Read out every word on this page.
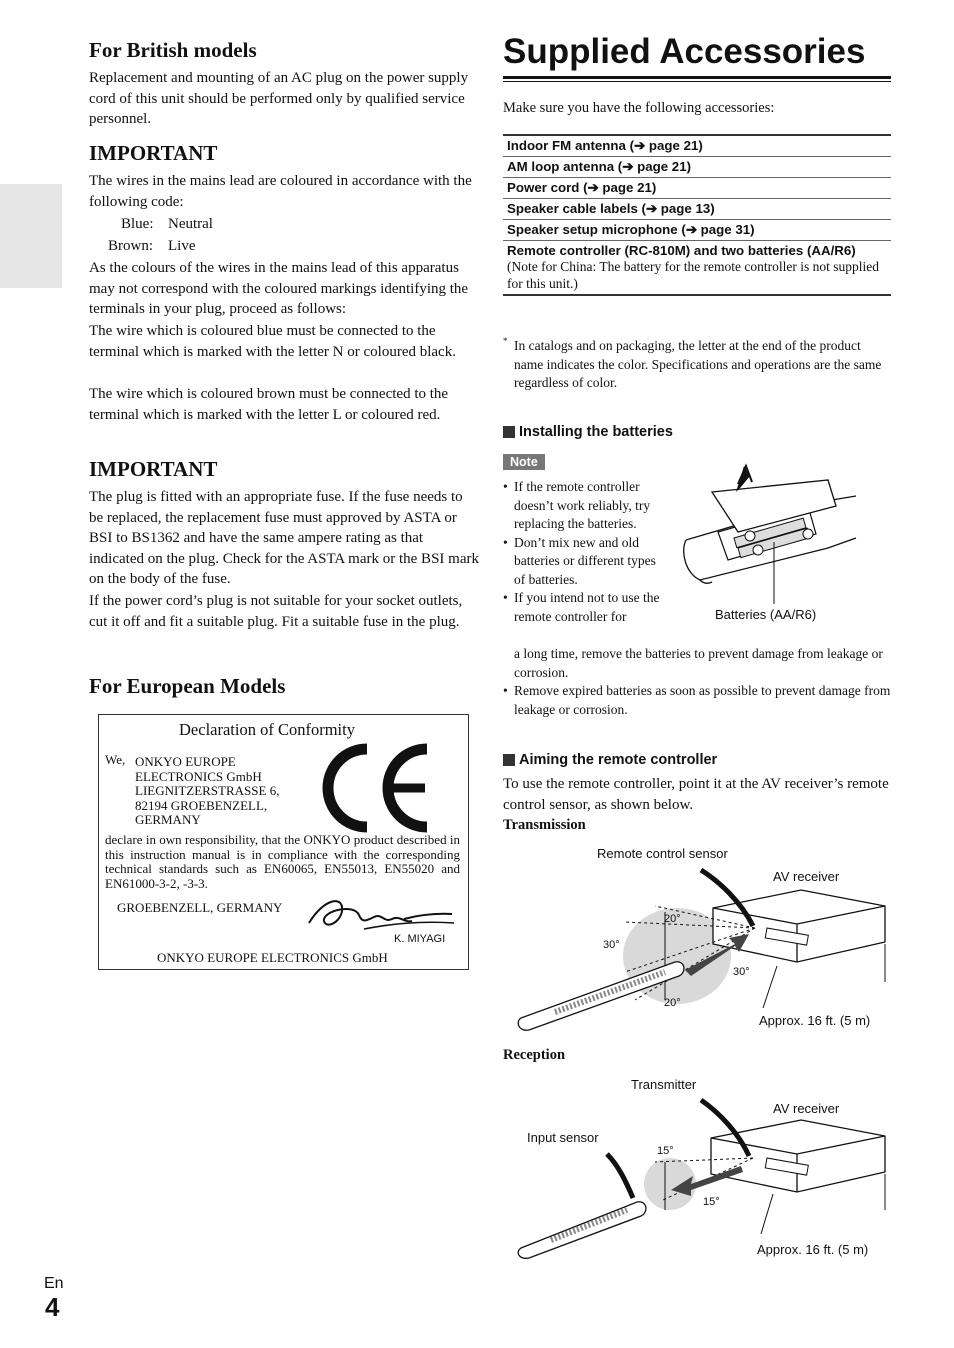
For British models
Replacement and mounting of an AC plug on the power supply cord of this unit should be performed only by qualified service personnel.
IMPORTANT
The wires in the mains lead are coloured in accordance with the following code:
Blue: Neutral
Brown: Live
As the colours of the wires in the mains lead of this apparatus may not correspond with the coloured markings identifying the terminals in your plug, proceed as follows:
The wire which is coloured blue must be connected to the terminal which is marked with the letter N or coloured black.
The wire which is coloured brown must be connected to the terminal which is marked with the letter L or coloured red.
IMPORTANT
The plug is fitted with an appropriate fuse. If the fuse needs to be replaced, the replacement fuse must approved by ASTA or BSI to BS1362 and have the same ampere rating as that indicated on the plug. Check for the ASTA mark or the BSI mark on the body of the fuse.
If the power cord’s plug is not suitable for your socket outlets, cut it off and fit a suitable plug. Fit a suitable fuse in the plug.
For European Models
Declaration of Conformity
We, ONKYO EUROPE
ELECTRONICS GmbH
LIEGNITZERSTRASSE 6,
82194 GROEBENZELL,
GERMANY
declare in own responsibility, that the ONKYO product described in this instruction manual is in compliance with the corresponding technical standards such as EN60065, EN55013, EN55020 and EN61000-3-2, -3-3.
GROEBENZELL, GERMANY
K. MIYAGI
ONKYO EUROPE ELECTRONICS GmbH
Supplied Accessories
Make sure you have the following accessories:
Indoor FM antenna (➔ page 21)
AM loop antenna (➔ page 21)
Power cord (➔ page 21)
Speaker cable labels (➔ page 13)
Speaker setup microphone (➔ page 31)

Remote controller (RC-810M) and two batteries (AA/R6)
(Note for China: The battery for the remote controller is not supplied for this unit.)
* In catalogs and on packaging, the letter at the end of the product name indicates the color. Specifications and operations are the same regardless of color.
Installing the batteries
Note
• If the remote controller doesn’t work reliably, try replacing the batteries.
• Don’t mix new and old batteries or different types of batteries.
• If you intend not to use the remote controller for
a long time, remove the batteries to prevent damage from leakage or corrosion.
• Remove expired batteries as soon as possible to prevent damage from leakage or corrosion.
Batteries (AA/R6)
Aiming the remote controller
To use the remote controller, point it at the AV receiver’s remote control sensor, as shown below.
Transmission
Remote control sensor
AV receiver
20°
30°
30°
20°
Approx. 16 ft. (5 m)
Reception
Transmitter
AV receiver
Input sensor
15°
15°
Approx. 16 ft. (5 m)
En
4
